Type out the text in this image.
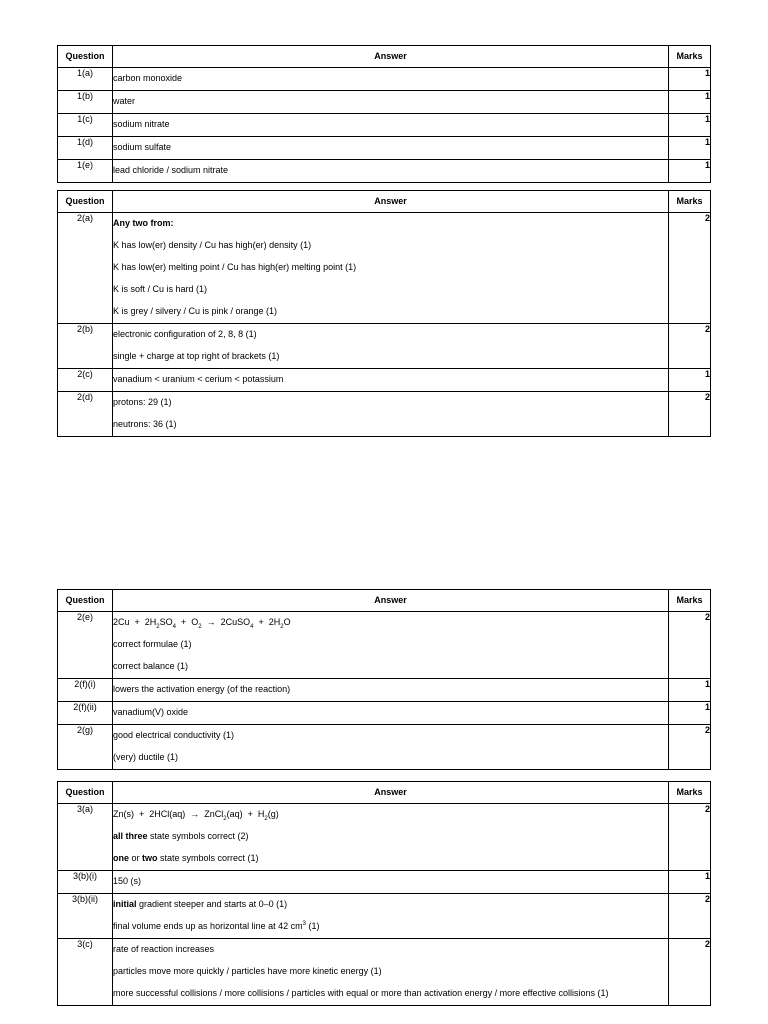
Question	Answer	Marks
1(a)	carbon monoxide	1
1(b)	water	1
1(c)	sodium nitrate	1
1(d)	sodium sulfate	1
1(e)	lead chloride / sodium nitrate	1
Question	Answer	Marks
2(a)	Any two from:
K has low(er) density / Cu has high(er) density (1)
K has low(er) melting point / Cu has high(er) melting point (1)
K is soft / Cu is hard (1)
K is grey / silvery / Cu is pink / orange (1)	2
2(b)	electronic configuration of 2, 8, 8 (1)
single + charge at top right of brackets (1)	2
2(c)	vanadium < uranium < cerium < potassium	1
2(d)	protons: 29 (1)
neutrons: 36 (1)	2
Question	Answer	Marks
2(e)	$2Cu + 2H_2SO_4 + O_2$  →  2CuSO$_4$  +  $2H_2O$
correct formulae (1)
correct balance (1)	2
2(f)(i)	lowers the activation energy (of the reaction)	1
2(f)(ii)	vanadium(V) oxide	1
2(g)	good electrical conductivity (1)
(very) ductile (1)	2
Question	Answer	Marks
3(a)	Zn(s)  +  2HCl(aq)  →  ZnCl$_2$(aq)  +  $H_2(g)$
all three state symbols correct (2)
one or two state symbols correct (1)	2
3(b)(i)	150 (s)	1
3(b)(ii)	initial gradient steeper and starts at 0–0 (1)
final volume ends up as horizontal line at 42 $cm^3$ (1)	2
3(c)	rate of reaction increases
particles move more quickly / particles have more kinetic energy (1)
more successful collisions / more collisions / particles with equal or more than activation energy / more effective collisions (1)	2
